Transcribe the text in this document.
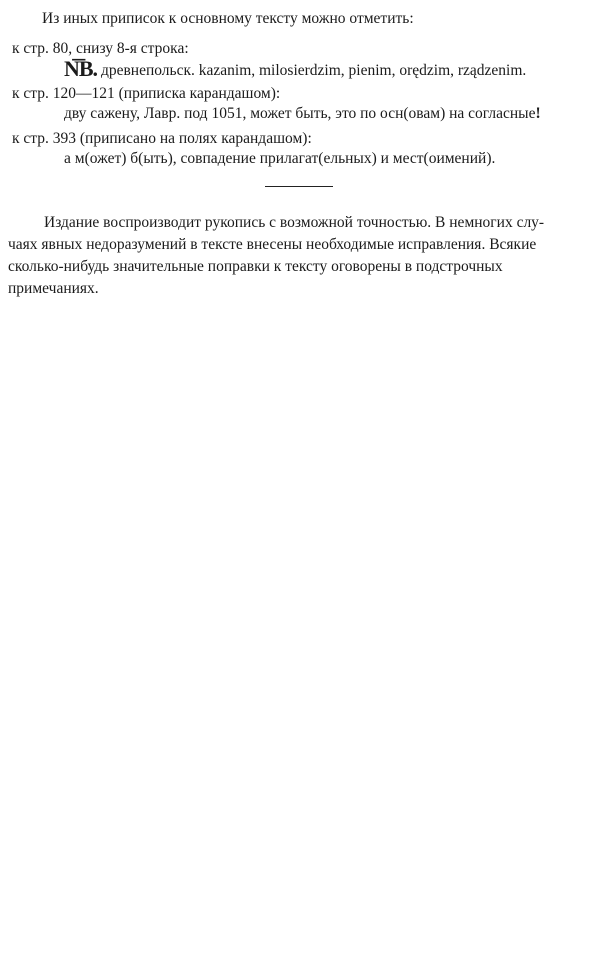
Из иных приписок к основному тексту можно отметить:
к стр. 80, снизу 8-я строка:
N͞B. древнепольск. kazanim, milosierdzim, pienim, orędzim, rządzenim.
к стр. 120—121 (приписка карандашом):
дву сажену, Лавр. под 1051, может быть, это по осн(овам) на согласные!
к стр. 393 (приписано на полях карандашом):
а м(ожет) б(ыть), совпадение прилагат(ельных) и мест(оимений).
Издание воспроизводит рукопись с возможной точностью. В немногих слу-
чаях явных недоразумений в тексте внесены необходимые исправления. Всякие
сколько-нибудь значительные поправки к тексту оговорены в подстрочных
примечаниях.
